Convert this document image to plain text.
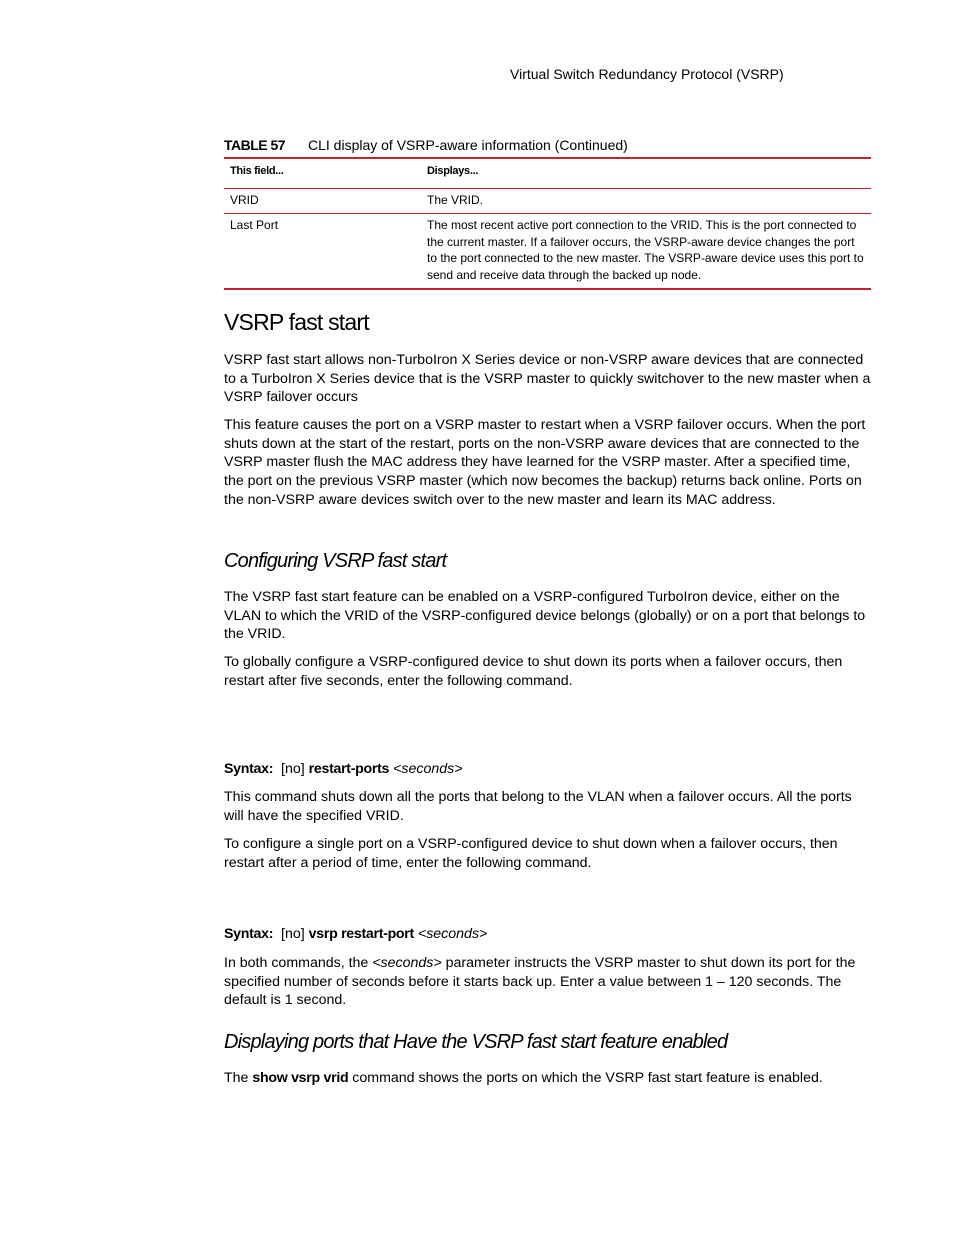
Virtual Switch Redundancy Protocol (VSRP)
TABLE 57 CLI display of VSRP-aware information (Continued)
This field...	Displays...
VRID	The VRID.
Last Port	The most recent active port connection to the VRID. This is the port connected to the current master. If a failover occurs, the VSRP-aware device changes the port to the port connected to the new master. The VSRP-aware device uses this port to send and receive data through the backed up node.
VSRP fast start

VSRP fast start allows non-TurboIron X Series device or non-VSRP aware devices that are connected to a TurboIron X Series device that is the VSRP master to quickly switchover to the new master when a VSRP failover occurs

This feature causes the port on a VSRP master to restart when a VSRP failover occurs. When the port shuts down at the start of the restart, ports on the non-VSRP aware devices that are connected to the VSRP master flush the MAC address they have learned for the VSRP master. After a specified time, the port on the previous VSRP master (which now becomes the backup) returns back online. Ports on the non-VSRP aware devices switch over to the new master and learn its MAC address.

Configuring VSRP fast start

The VSRP fast start feature can be enabled on a VSRP-configured TurboIron device, either on the VLAN to which the VRID of the VSRP-configured device belongs (globally) or on a port that belongs to the VRID.

To globally configure a VSRP-configured device to shut down its ports when a failover occurs, then restart after five seconds, enter the following command.

Syntax: [no] restart-ports <seconds>

This command shuts down all the ports that belong to the VLAN when a failover occurs. All the ports will have the specified VRID.

To configure a single port on a VSRP-configured device to shut down when a failover occurs, then restart after a period of time, enter the following command.

Syntax: [no] vsrp restart-port <seconds>

In both commands, the <seconds> parameter instructs the VSRP master to shut down its port for the specified number of seconds before it starts back up. Enter a value between 1 – 120 seconds. The default is 1 second.

Displaying ports that Have the VSRP fast start feature enabled

The show vsrp vrid command shows the ports on which the VSRP fast start feature is enabled.
